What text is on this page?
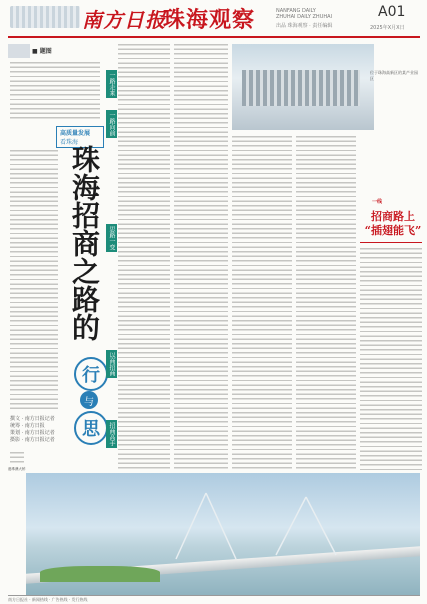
南方日报
珠海观察	NANFANG DAILY
ZHUHAI DAILY ZHUHAI
出品 珠海观察 · 责任编辑
A01
2025年X月X日
■ 题图
高质量发展
看珠海
撰文 · 南方日报记者
统筹 · 南方日报
策划 · 南方日报记者
摄影 · 南方日报记者
珠海招商之路的
行
与
思
一路走来
一路向前
思路一变
以商招商
招商高手
位于珠海高新区的某产业园区
一线
招商路上
“插翅能飞”
港珠澳大桥
南方日报社 · 新闻热线 · 广告热线 · 发行热线
